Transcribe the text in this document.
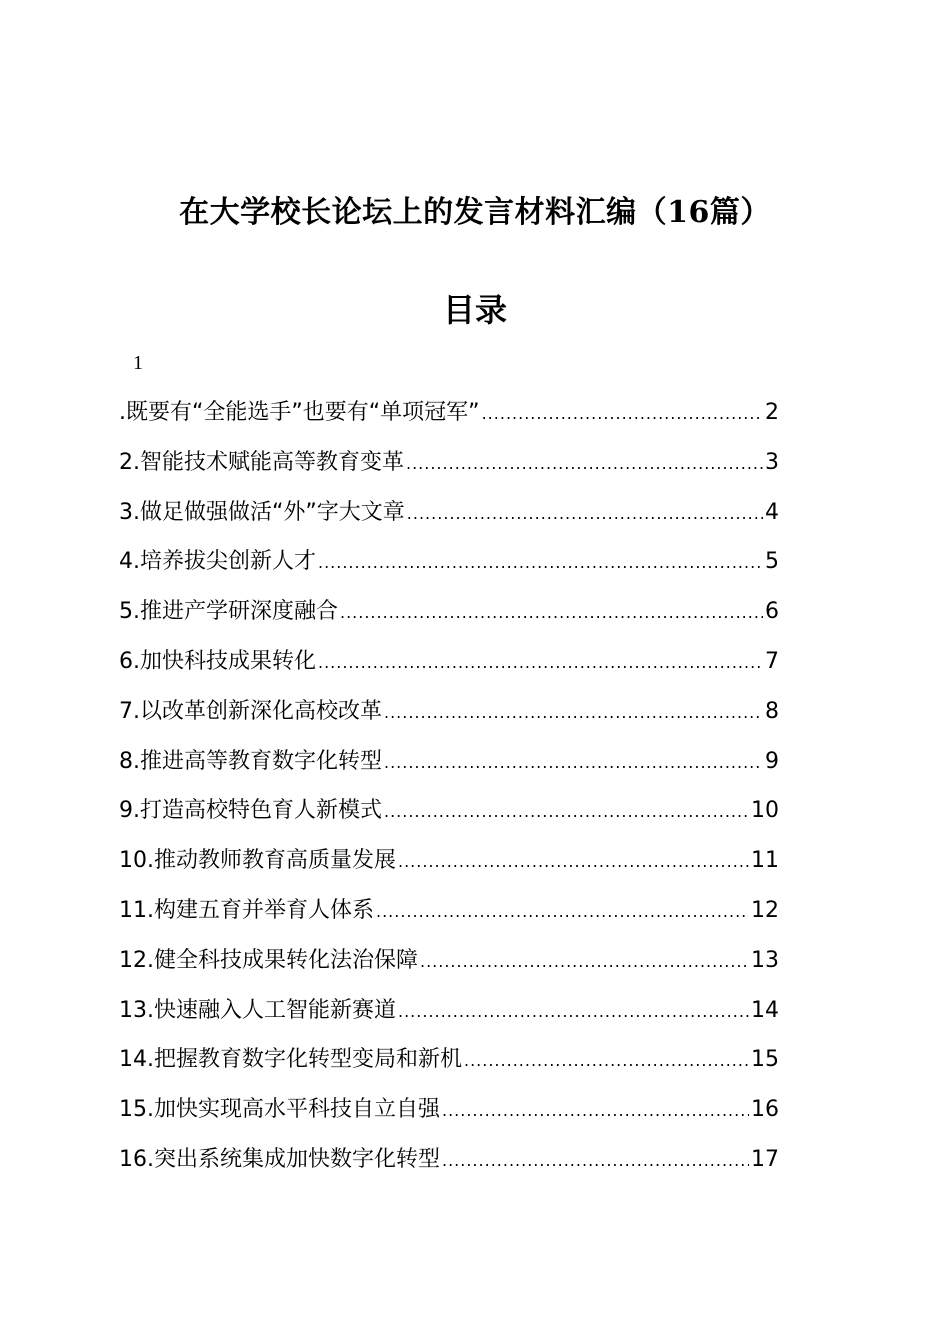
在大学校长论坛上的发言材料汇编（16篇）
目录
1
.既要有“全能选手”也要有“单项冠军” .....	2
2.智能技术赋能高等教育变革 .....	3
3.做足做强做活“外”字大文章 .....	4
4.培养拔尖创新人才 .....	5
5.推进产学研深度融合 .....	6
6.加快科技成果转化 .....	7
7.以改革创新深化高校改革 .....	8
8.推进高等教育数字化转型 .....	9
9.打造高校特色育人新模式 .....	10
10.推动教师教育高质量发展 .....	11
11.构建五育并举育人体系 .....	12
12.健全科技成果转化法治保障 .....	13
13.快速融入人工智能新赛道 .....	14
14.把握教育数字化转型变局和新机 .....	15
15.加快实现高水平科技自立自强 .....	16
16.突出系统集成加快数字化转型 .....	17
